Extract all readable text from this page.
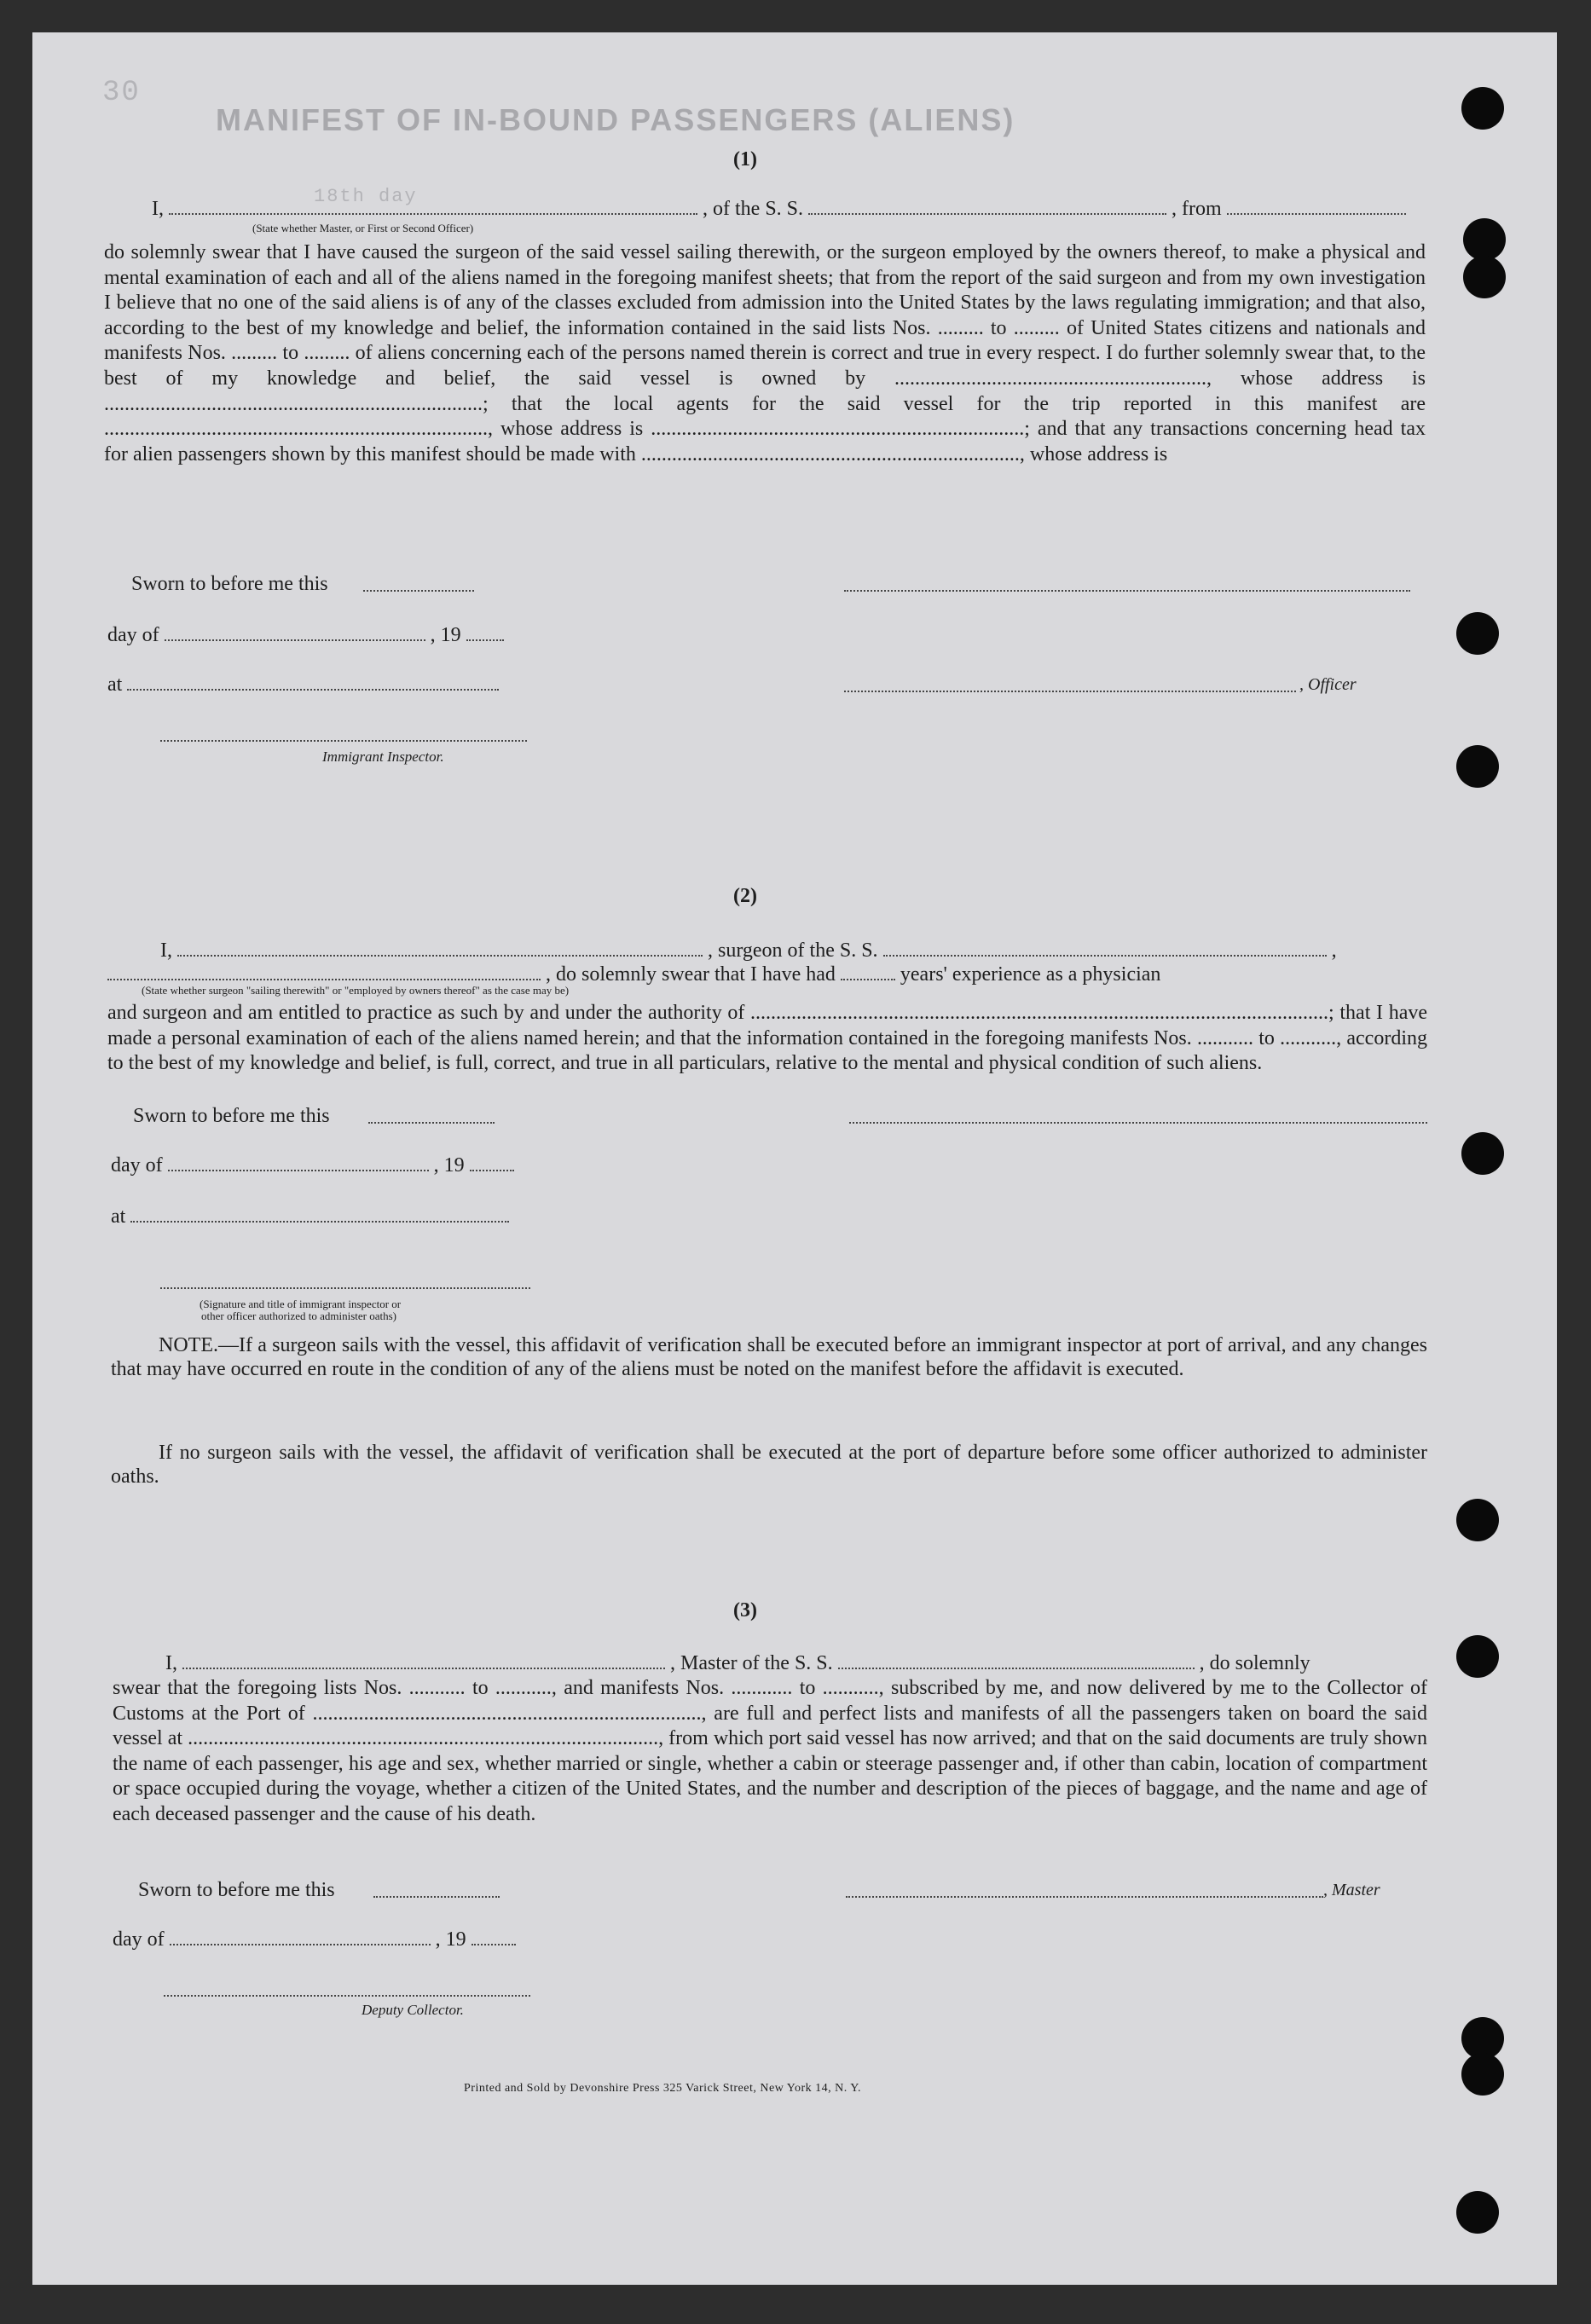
30
MANIFEST OF IN-BOUND PASSENGERS (ALIENS)
18th day
(1)
I,	, of the S. S.	, from
(State whether Master, or First or Second Officer)
do solemnly swear that I have caused the surgeon of the said vessel sailing therewith, or the surgeon employed by the owners thereof, to make a physical and mental examination of each and all of the aliens named in the foregoing manifest sheets; that from the report of the said surgeon and from my own investigation I believe that no one of the said aliens is of any of the classes excluded from admission into the United States by the laws regulating immigration; and that also, according to the best of my knowledge and belief, the information contained in the said lists Nos. ......... to ......... of United States citizens and nationals and manifests Nos. ......... to ......... of aliens concerning each of the persons named therein is correct and true in every respect. I do further solemnly swear that, to the best of my knowledge and belief, the said vessel is owned by ............................................................., whose address is ..........................................................................; that the local agents for the said vessel for the trip reported in this manifest are ..........................................................................., whose address is .........................................................................; and that any transactions concerning head tax for alien passengers shown by this manifest should be made with .........................................................................., whose address is
Sworn to before me this
day of	, 19
at	, Officer
Immigrant Inspector.
(2)
I,	, surgeon of the S. S.	,
, do solemnly swear that I have had	years' experience as a physician
(State whether surgeon "sailing therewith" or "employed by owners thereof" as the case may be)
and surgeon and am entitled to practice as such by and under the authority of .................................................................................................................; that I have made a personal examination of each of the aliens named herein; and that the information contained in the foregoing manifests Nos. ........... to ..........., according to the best of my knowledge and belief, is full, correct, and true in all particulars, relative to the mental and physical condition of such aliens.
Sworn to before me this
day of	, 19
at
(Signature and title of immigrant inspector or
other officer authorized to administer oaths)
NOTE.—If a surgeon sails with the vessel, this affidavit of verification shall be executed before an immigrant inspector at port of arrival, and any changes that may have occurred en route in the condition of any of the aliens must be noted on the manifest before the affidavit is executed.
If no surgeon sails with the vessel, the affidavit of verification shall be executed at the port of departure before some officer authorized to administer oaths.
(3)
I,	, Master of the S. S.	, do solemnly
swear that the foregoing lists Nos. ........... to ..........., and manifests Nos. ............ to ..........., subscribed by me, and now delivered by me to the Collector of Customs at the Port of ............................................................................, are full and perfect lists and manifests of all the passengers taken on board the said vessel at ............................................................................................, from which port said vessel has now arrived; and that on the said documents are truly shown the name of each passenger, his age and sex, whether married or single, whether a cabin or steerage passenger and, if other than cabin, location of compartment or space occupied during the voyage, whether a citizen of the United States, and the number and description of the pieces of baggage, and the name and age of each deceased passenger and the cause of his death.
Sworn to before me this	, Master
day of	, 19
Deputy Collector.
Printed and Sold by Devonshire Press 325 Varick Street, New York 14, N. Y.
